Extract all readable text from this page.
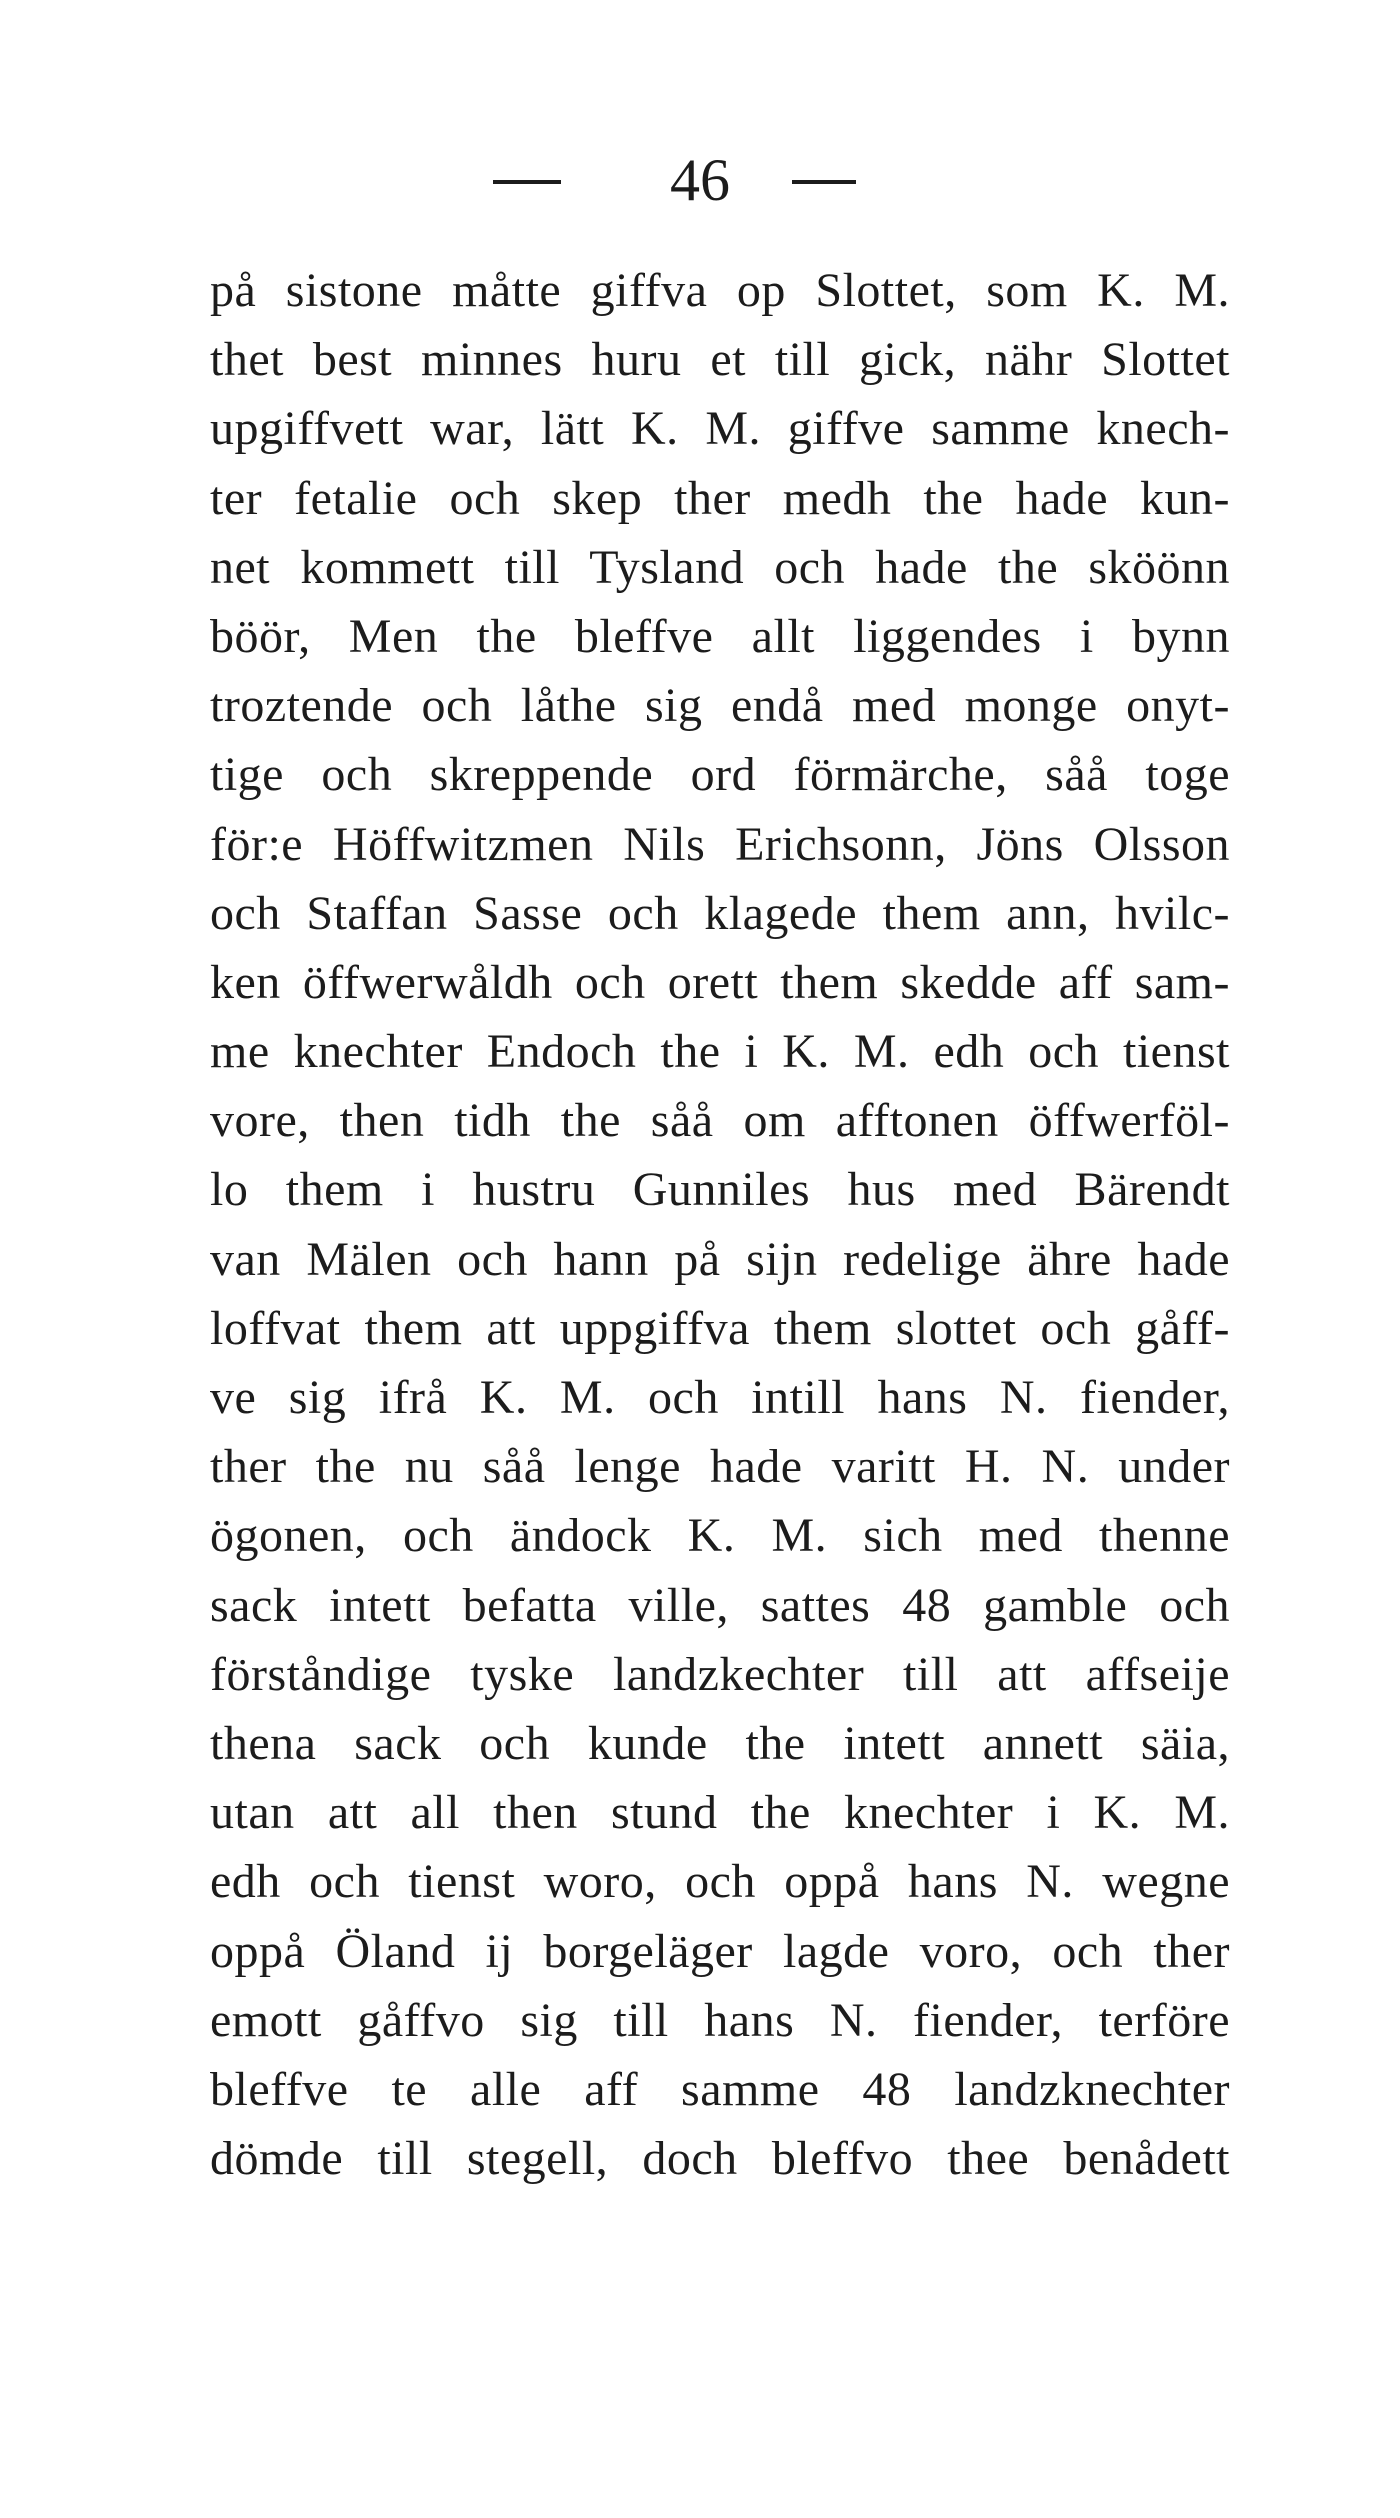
46
på sistone måtte giffva op Slottet, som K. M.
thet best minnes huru et till gick, nähr Slottet
upgiffvett war, lätt K. M. giffve samme knech-
ter fetalie och skep ther medh the hade kun-
net kommett till Tysland och hade the sköönn
böör, Men the bleffve allt liggendes i bynn
troztende och låthe sig endå med monge onyt-
tige och skreppende ord förmärche, såå toge
för:e Höffwitzmen Nils Erichsonn, Jöns Olsson
och Staffan Sasse och klagede them ann, hvilc-
ken öffwerwåldh och orett them skedde aff sam-
me knechter Endoch the i K. M. edh och tienst
vore, then tidh the såå om afftonen öffwerföl-
lo them i hustru Gunniles hus med Bärendt
van Mälen och hann på sijn redelige ähre hade
loffvat them att uppgiffva them slottet och gåff-
ve sig ifrå K. M. och intill hans N. fiender,
ther the nu såå lenge hade varitt H. N. under
ögonen, och ändock K. M. sich med thenne
sack intett befatta ville, sattes 48 gamble och
förståndige tyske landzkechter till att affseije
thena sack och kunde the intett annett säia,
utan att all then stund the knechter i K. M.
edh och tienst woro, och oppå hans N. wegne
oppå Öland ij borgeläger lagde voro, och ther
emott gåffvo sig till hans N. fiender, terföre
bleffve te alle aff samme 48 landzknechter
dömde till stegell, doch bleffvo thee benådett
